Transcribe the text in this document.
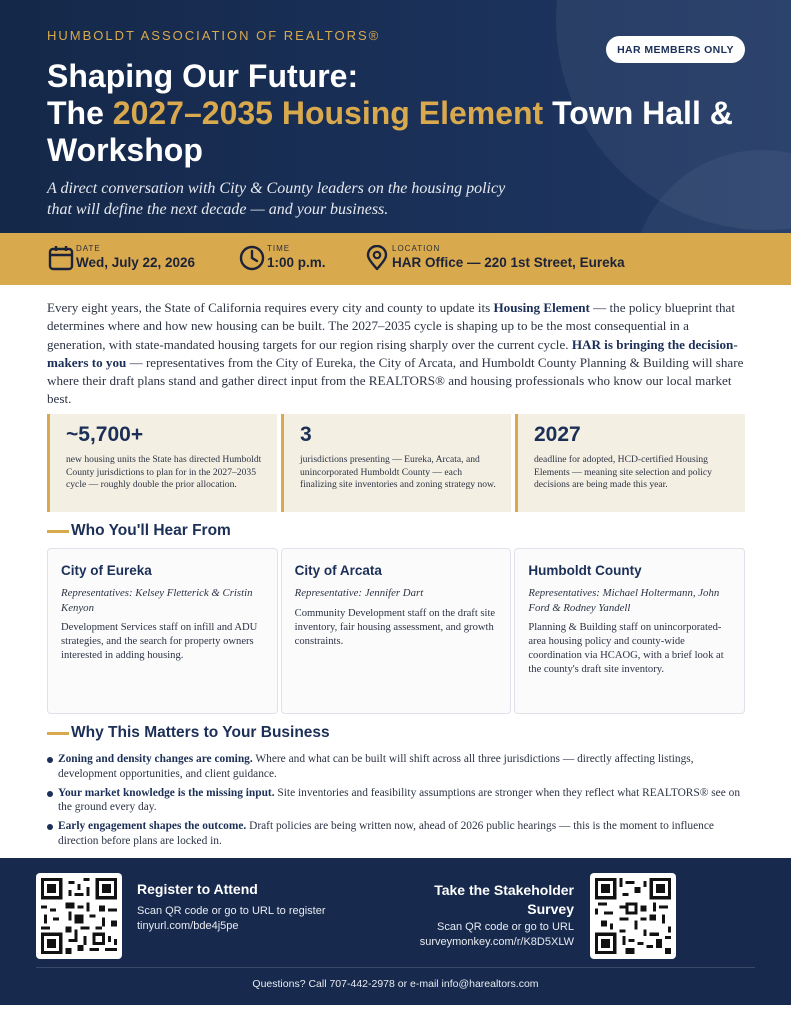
HUMBOLDT ASSOCIATION OF REALTORS®
HAR MEMBERS ONLY
Shaping Our Future:
The 2027–2035 Housing Element Town Hall & Workshop

A direct conversation with City & County leaders on the housing policy that will define the next decade — and your business.

DATE
Wed, July 22, 2026
TIME
1:00 p.m.
LOCATION
HAR Office — 220 1st Street, Eureka

Every eight years, the State of California requires every city and county to update its Housing Element — the policy blueprint that determines where and how new housing can be built. The 2027–2035 cycle is shaping up to be the most consequential in a generation, with state-mandated housing targets for our region rising sharply over the current cycle. HAR is bringing the decision-makers to you — representatives from the City of Eureka, the City of Arcata, and Humboldt County Planning & Building will share where their draft plans stand and gather direct input from the REALTORS® and housing professionals who know our local market best.

~5,700+
new housing units the State has directed Humboldt County jurisdictions to plan for in the 2027–2035 cycle — roughly double the prior allocation.
3
jurisdictions presenting — Eureka, Arcata, and unincorporated Humboldt County — each finalizing site inventories and zoning strategy now.
2027
deadline for adopted, HCD-certified Housing Elements — meaning site selection and policy decisions are being made this year.
Who You'll Hear From
City of Eureka
Representatives: Kelsey Fletterick & Cristin Kenyon
Development Services staff on infill and ADU strategies, and the search for property owners interested in adding housing.
City of Arcata
Representative: Jennifer Dart
Community Development staff on the draft site inventory, fair housing assessment, and growth constraints.
Humboldt County
Representatives: Michael Holtermann, John Ford & Rodney Yandell
Planning & Building staff on unincorporated-area housing policy and county-wide coordination via HCAOG, with a brief look at the county's draft site inventory.
Why This Matters to Your Business
Zoning and density changes are coming. Where and what can be built will shift across all three jurisdictions — directly affecting listings, development opportunities, and client guidance.
Your market knowledge is the missing input. Site inventories and feasibility assumptions are stronger when they reflect what REALTORS® see on the ground every day.
Early engagement shapes the outcome. Draft policies are being written now, ahead of 2026 public hearings — this is the moment to influence direction before plans are locked in.
Register to Attend
Scan QR code or go to URL to register
tinyurl.com/bde4j5pe
Take the Stakeholder Survey
Scan QR code or go to URL
surveymonkey.com/r/K8D5XLW
Questions? Call 707-442-2978 or e-mail info@harealtors.com
